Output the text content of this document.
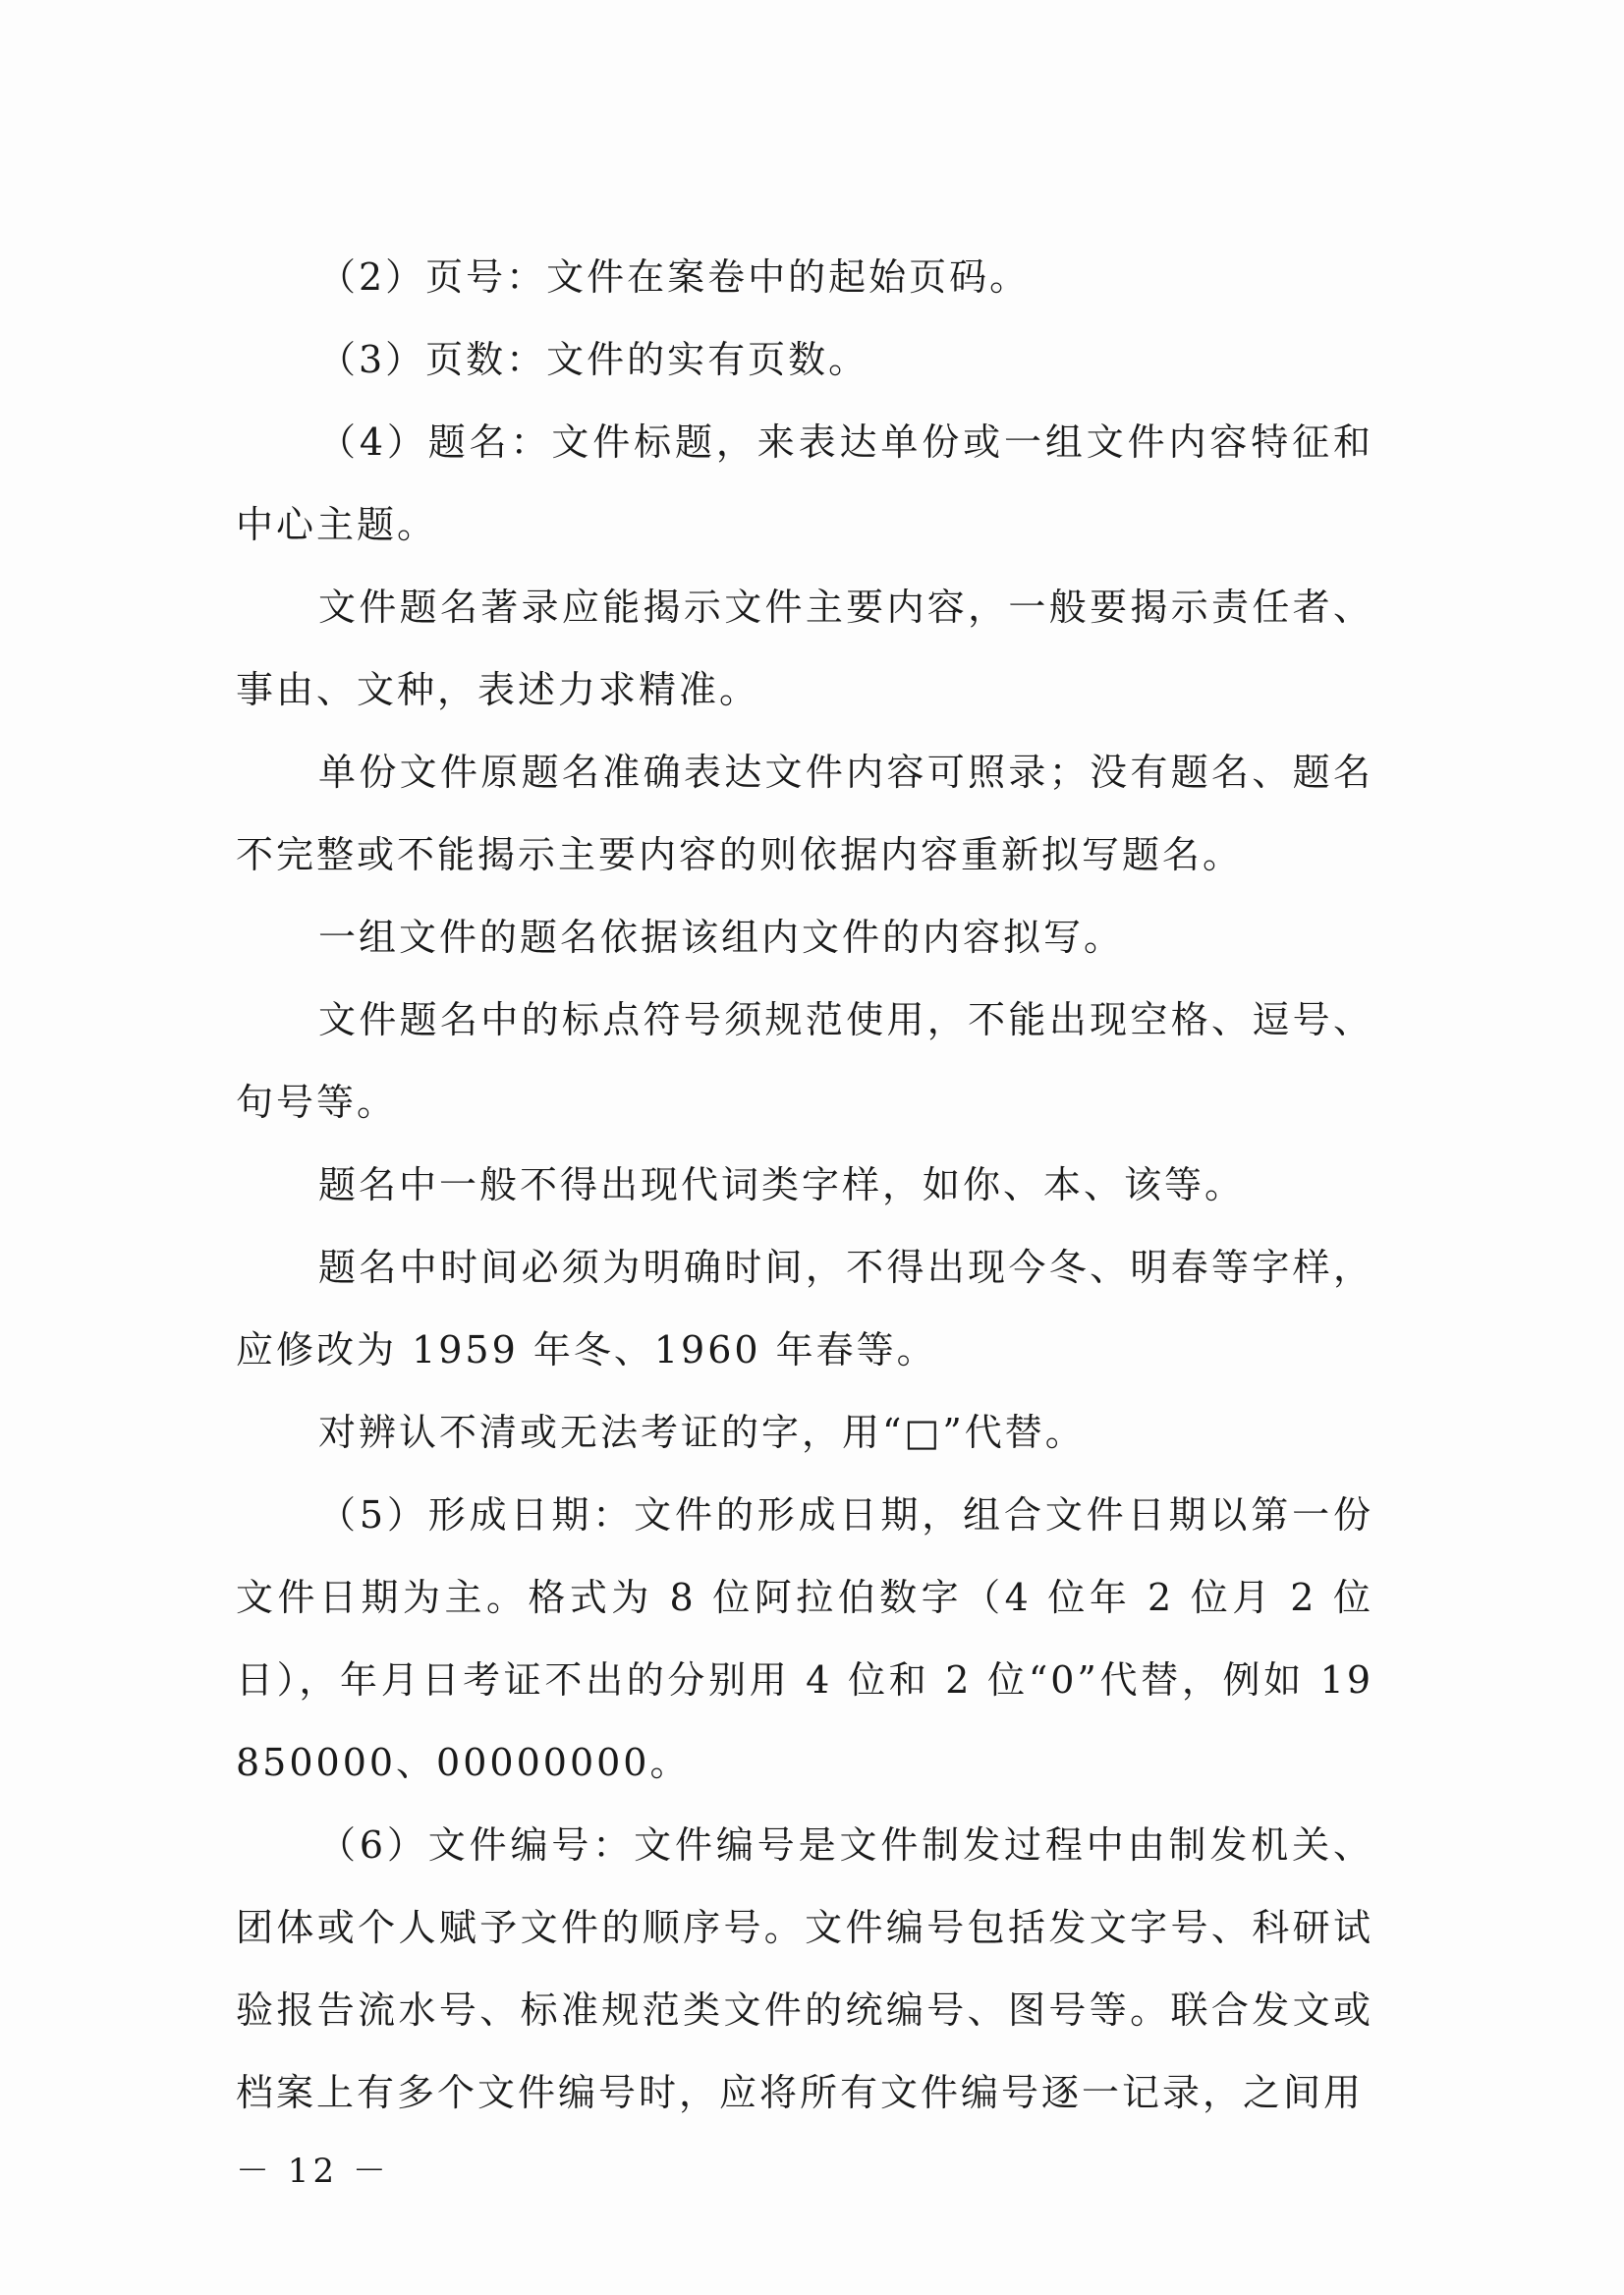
（2）页号：文件在案卷中的起始页码。

（3）页数：文件的实有页数。

（4）题名：文件标题，来表达单份或一组文件内容特征和中心主题。

文件题名著录应能揭示文件主要内容，一般要揭示责任者、事由、文种，表述力求精准。

单份文件原题名准确表达文件内容可照录；没有题名、题名不完整或不能揭示主要内容的则依据内容重新拟写题名。

一组文件的题名依据该组内文件的内容拟写。

文件题名中的标点符号须规范使用，不能出现空格、逗号、句号等。

题名中一般不得出现代词类字样，如你、本、该等。

题名中时间必须为明确时间，不得出现今冬、明春等字样，应修改为 1959 年冬、1960 年春等。

对辨认不清或无法考证的字，用“□”代替。

（5）形成日期：文件的形成日期，组合文件日期以第一份文件日期为主。格式为 8 位阿拉伯数字（4 位年 2 位月 2 位日），年月日考证不出的分别用 4 位和 2 位“0”代替，例如 19850000、00000000。

（6）文件编号：文件编号是文件制发过程中由制发机关、团体或个人赋予文件的顺序号。文件编号包括发文字号、科研试验报告流水号、标准规范类文件的统编号、图号等。联合发文或档案上有多个文件编号时，应将所有文件编号逐一记录，之间用

－ 12 －
